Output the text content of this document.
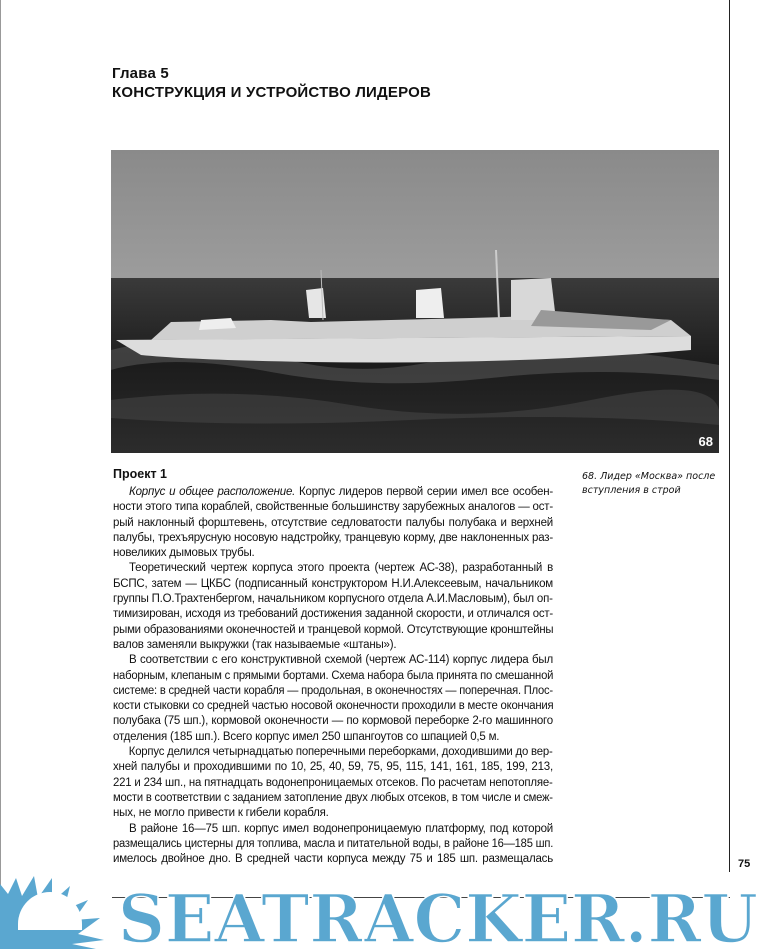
Глава 5
КОНСТРУКЦИЯ И УСТРОЙСТВО ЛИДЕРОВ
68
68. Лидер «Москва» после
вступления в строй
Проект 1
Корпус и общее расположение. Корпус лидеров первой серии имел все особен-
ности этого типа кораблей, свойственные большинству зарубежных аналогов — ост-
рый наклонный форштевень, отсутствие седловатости палубы полубака и верхней
палубы, трехъярусную носовую надстройку, транцевую корму, две наклоненных раз-
новеликих дымовых трубы.
Теоретический чертеж корпуса этого проекта (чертеж АС-38), разработанный в
БСПС, затем — ЦКБС (подписанный конструктором Н.И.Алексеевым, начальником
группы П.О.Трахтенбергом, начальником корпусного отдела А.И.Масловым), был оп-
тимизирован, исходя из требований достижения заданной скорости, и отличался ост-
рыми образованиями оконечностей и транцевой кормой. Отсутствующие кронштейны
валов заменяли выкружки (так называемые «штаны»).
В соответствии с его конструктивной схемой (чертеж АС-114) корпус лидера был
наборным, клепаным с прямыми бортами. Схема набора была принята по смешанной
системе: в средней части корабля — продольная, в оконечностях — поперечная. Плос-
кости стыковки со средней частью носовой оконечности проходили в месте окончания
полубака (75 шп.), кормовой оконечности — по кормовой переборке 2-го машинного
отделения (185 шп.). Всего корпус имел 250 шпангоутов со шпацией 0,5 м.
Корпус делился четырнадцатью поперечными переборками, доходившими до вер-
хней палубы и проходившими по 10, 25, 40, 59, 75, 95, 115, 141, 161, 185, 199, 213,
221 и 234 шп., на пятнадцать водонепроницаемых отсеков. По расчетам непотопляе-
мости в соответствии с заданием затопление двух любых отсеков, в том числе и смеж-
ных, не могло привести к гибели корабля.
В районе 16—75 шп. корпус имел водонепроницаемую платформу, под которой
размещались цистерны для топлива, масла и питательной воды, в районе 16—185 шп.
имелось двойное дно. В средней части корпуса между 75 и 185 шп. размещалась	75
SEATRACKER.RU
